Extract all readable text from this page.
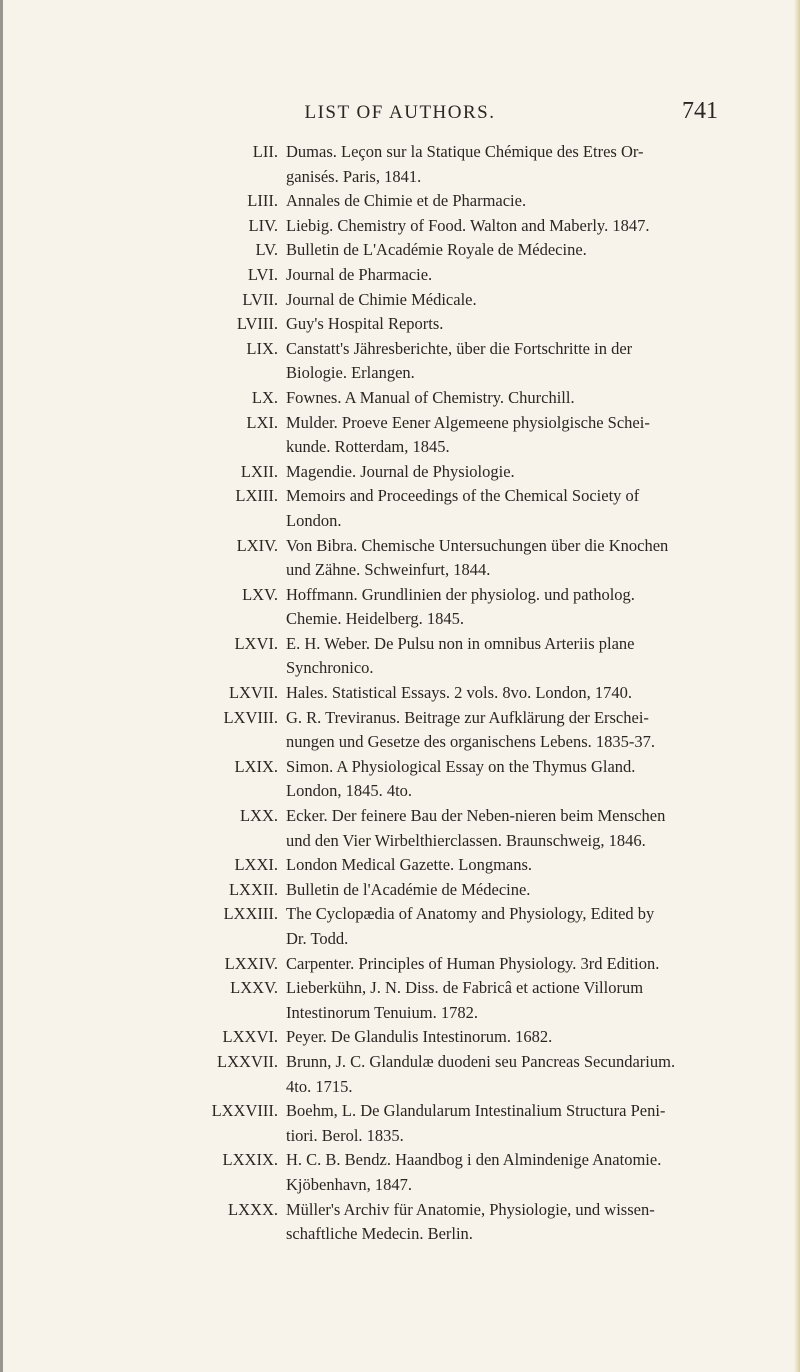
LIST OF AUTHORS.	741
LII. Dumas. Leçon sur la Statique Chémique des Etres Or-
ganisés. Paris, 1841.
LIII. Annales de Chimie et de Pharmacie.
LIV. Liebig. Chemistry of Food. Walton and Maberly. 1847.
LV. Bulletin de L'Académie Royale de Médecine.
LVI. Journal de Pharmacie.
LVII. Journal de Chimie Médicale.
LVIII. Guy's Hospital Reports.
LIX. Canstatt's Jähresberichte, über die Fortschritte in der
Biologie. Erlangen.
LX. Fownes. A Manual of Chemistry. Churchill.
LXI. Mulder. Proeve Eener Algemeene physiolgische Schei-
kunde. Rotterdam, 1845.
LXII. Magendie. Journal de Physiologie.
LXIII. Memoirs and Proceedings of the Chemical Society of
London.
LXIV. Von Bibra. Chemische Untersuchungen über die Knochen
und Zähne. Schweinfurt, 1844.
LXV. Hoffmann. Grundlinien der physiolog. und patholog.
Chemie. Heidelberg. 1845.
LXVI. E. H. Weber. De Pulsu non in omnibus Arteriis plane
Synchronico.
LXVII. Hales. Statistical Essays. 2 vols. 8vo. London, 1740.
LXVIII. G. R. Treviranus. Beitrage zur Aufklärung der Erschei-
nungen und Gesetze des organischens Lebens. 1835-37.
LXIX. Simon. A Physiological Essay on the Thymus Gland.
London, 1845. 4to.
LXX. Ecker. Der feinere Bau der Neben-nieren beim Menschen
und den Vier Wirbelthierclassen. Braunschweig, 1846.
LXXI. London Medical Gazette. Longmans.
LXXII. Bulletin de l'Académie de Médecine.
LXXIII. The Cyclopædia of Anatomy and Physiology, Edited by
Dr. Todd.
LXXIV. Carpenter. Principles of Human Physiology. 3rd Edition.
LXXV. Lieberkühn, J. N. Diss. de Fabricâ et actione Villorum
Intestinorum Tenuium. 1782.
LXXVI. Peyer. De Glandulis Intestinorum. 1682.
LXXVII. Brunn, J. C. Glandulæ duodeni seu Pancreas Secundarium.
4to. 1715.
LXXVIII. Boehm, L. De Glandularum Intestinalium Structura Peni-
tiori. Berol. 1835.
LXXIX. H. C. B. Bendz. Haandbog i den Almindenige Anatomie.
Kjöbenhavn, 1847.
LXXX. Müller's Archiv für Anatomie, Physiologie, und wissen-
schaftliche Medecin. Berlin.
